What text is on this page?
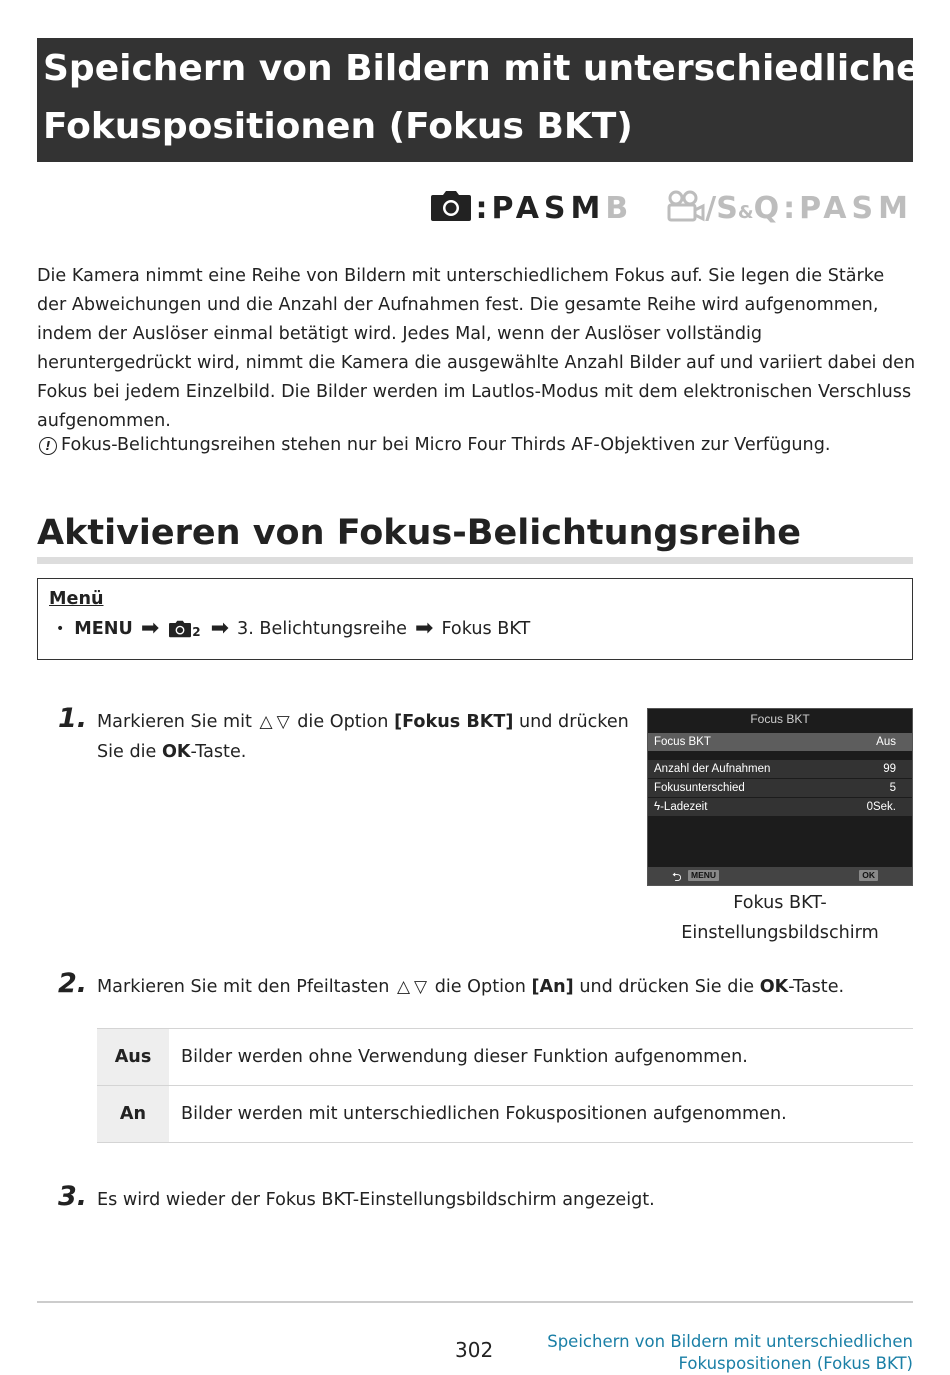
Speichern von Bildern mit unterschiedlichen
Fokuspositionen (Fokus BKT)
: PASM B / S & Q : PASM
Die Kamera nimmt eine Reihe von Bildern mit unterschiedlichem Fokus auf. Sie legen die Stärke der Abweichungen und die Anzahl der Aufnahmen fest. Die gesamte Reihe wird aufgenommen, indem der Auslöser einmal betätigt wird. Jedes Mal, wenn der Auslöser vollständig heruntergedrückt wird, nimmt die Kamera die ausgewählte Anzahl Bilder auf und variiert dabei den Fokus bei jedem Einzelbild. Die Bilder werden im Lautlos-Modus mit dem elektronischen Verschluss aufgenommen.
! Fokus-Belichtungsreihen stehen nur bei Micro Four Thirds AF-Objektiven zur Verfügung.
Aktivieren von Fokus-Belichtungsreihe
Menü
• MENU ➡	2 ➡ 3. Belichtungsreihe ➡ Fokus BKT
1. Markieren Sie mit △ ▽ die Option [Fokus BKT] und drücken
Sie die OK-Taste.
Focus BKT
Focus BKT	Aus
Anzahl der Aufnahmen	99
Fokusunterschied	5
ϟ-Ladezeit	0Sek.
⮌	MENU	OK
Fokus BKT-
Einstellungsbildschirm
2. Markieren Sie mit den Pfeiltasten △ ▽ die Option [An] und drücken Sie die OK-Taste.
Aus	Bilder werden ohne Verwendung dieser Funktion aufgenommen.
An	Bilder werden mit unterschiedlichen Fokuspositionen aufgenommen.
3. Es wird wieder der Fokus BKT-Einstellungsbildschirm angezeigt.
302	Speichern von Bildern mit unterschiedlichen
Fokuspositionen (Fokus BKT)
